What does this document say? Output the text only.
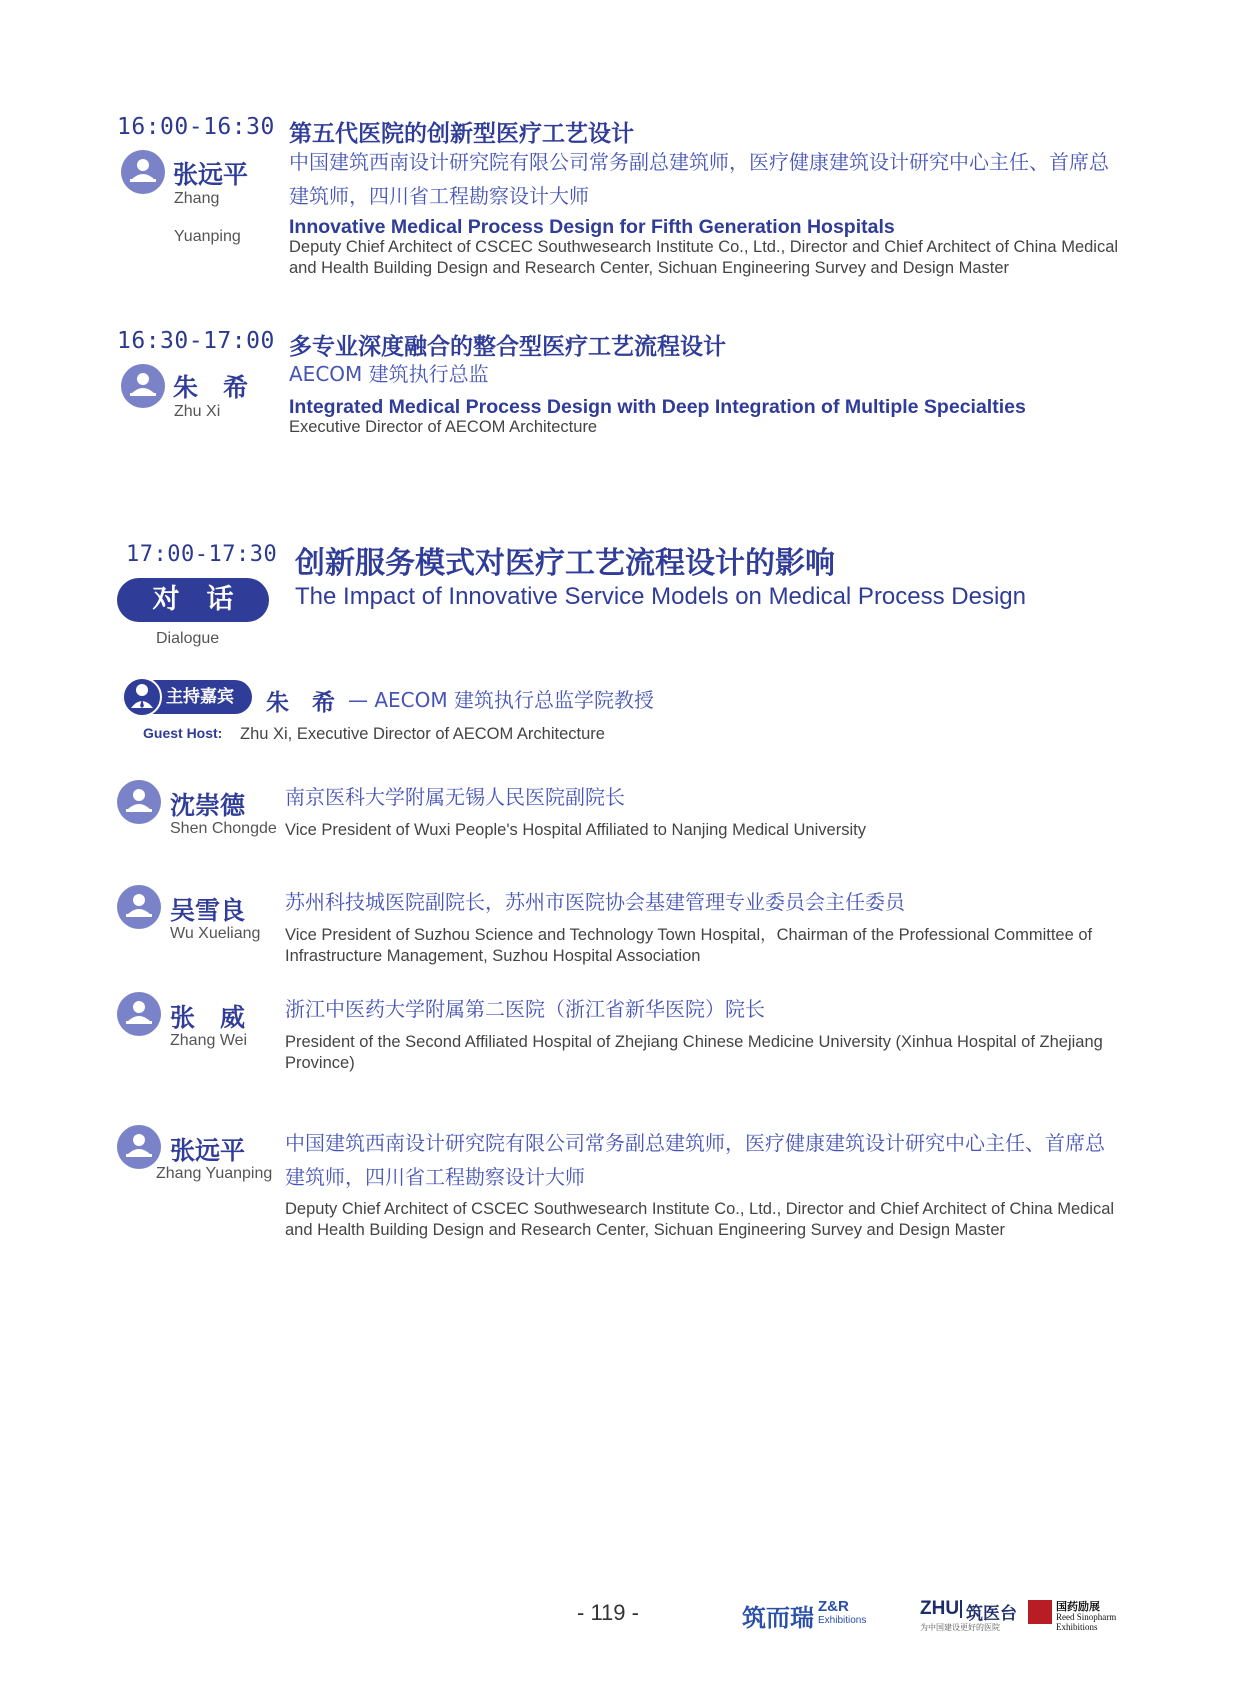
16:00-16:30
张远平
Zhang
Yuanping
第五代医院的创新型医疗工艺设计
中国建筑西南设计研究院有限公司常务副总建筑师，医疗健康建筑设计研究中心主任、首席总建筑师，四川省工程勘察设计大师
Innovative Medical Process Design for Fifth Generation Hospitals
Deputy Chief Architect of CSCEC Southwesearch Institute Co., Ltd., Director and Chief Architect of China Medical and Health Building Design and Research Center, Sichuan Engineering Survey and Design Master
16:30-17:00
朱　希
Zhu Xi
多专业深度融合的整合型医疗工艺流程设计
AECOM 建筑执行总监
Integrated Medical Process Design with Deep Integration of Multiple Specialties
Executive Director of AECOM Architecture
17:00-17:30
对　话
Dialogue
创新服务模式对医疗工艺流程设计的影响
The Impact of Innovative Service Models on Medical Process Design
主持嘉宾 朱　希 — AECOM 建筑执行总监学院教授
Guest Host: Zhu Xi, Executive Director of AECOM Architecture
沈崇德
Shen Chongde
南京医科大学附属无锡人民医院副院长
Vice President of Wuxi People's Hospital Affiliated to Nanjing Medical University
吴雪良
Wu Xueliang
苏州科技城医院副院长，苏州市医院协会基建管理专业委员会主任委员
Vice President of Suzhou Science and Technology Town Hospital，Chairman of the Professional Committee of Infrastructure Management, Suzhou Hospital Association
张　威
Zhang Wei
浙江中医药大学附属第二医院（浙江省新华医院）院长
President of the Second Affiliated Hospital of Zhejiang Chinese Medicine University (Xinhua Hospital of Zhejiang Province)
张远平
Zhang Yuanping
中国建筑西南设计研究院有限公司常务副总建筑师，医疗健康建筑设计研究中心主任、首席总建筑师，四川省工程勘察设计大师
Deputy Chief Architect of CSCEC Southwesearch Institute Co., Ltd., Director and Chief Architect of China Medical and Health Building Design and Research Center, Sichuan Engineering Survey and Design Master
- 119 -	筑而瑞 Z&R
Exhibitions
ZHU 筑医台
为中国建设更好的医院
国药励展
Reed Sinopharm
Exhibitions
